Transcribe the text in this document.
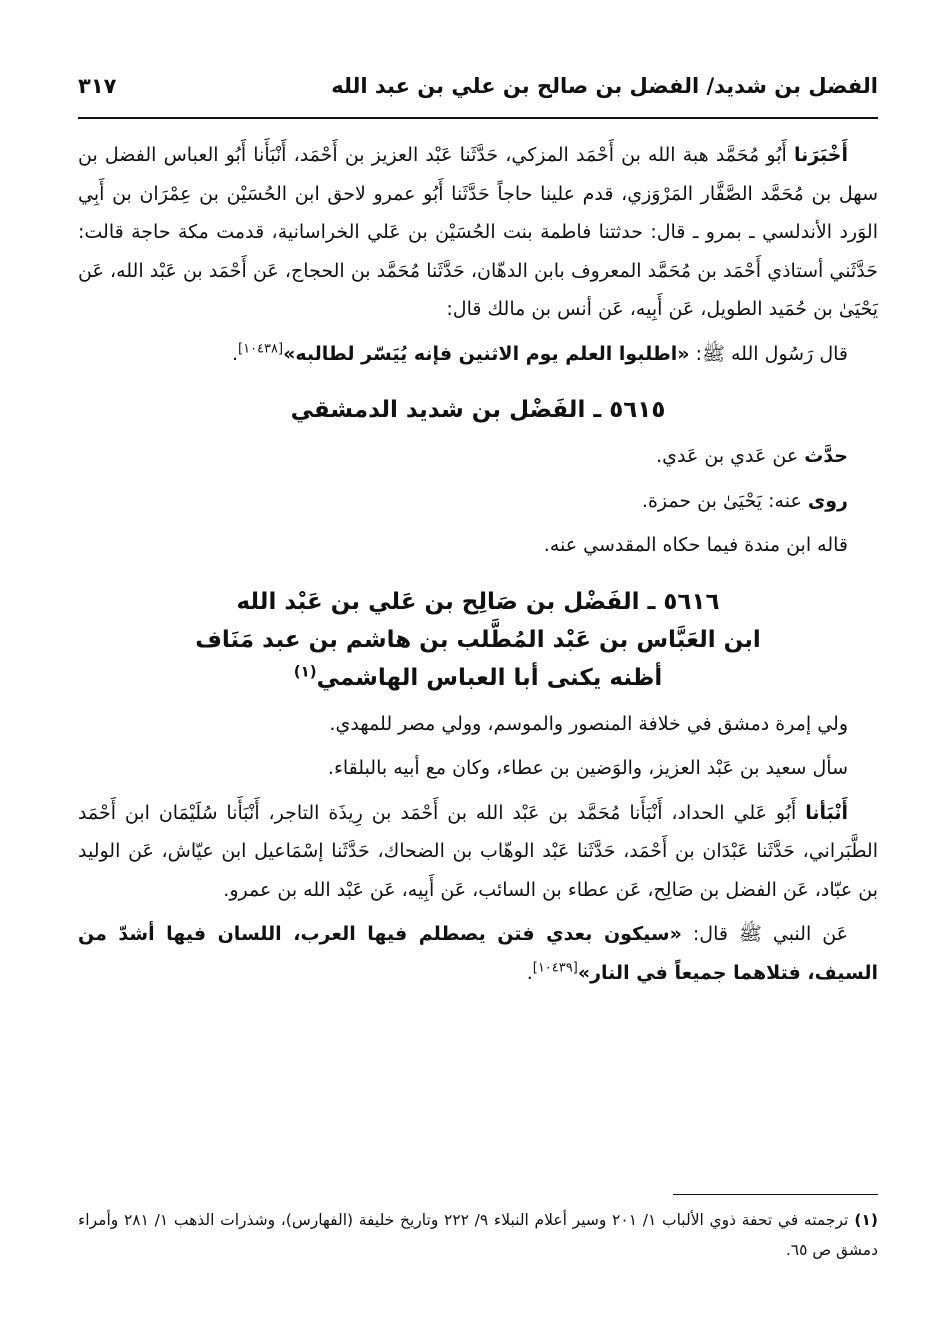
الفضل بن شديد/ الفضل بن صالح بن علي بن عبد الله
٣١٧

أَخْبَرَنا أَبُو مُحَمَّد هبة الله بن أَحْمَد المزكي، حَدَّثَنا عَبْد العزيز بن أَحْمَد، أَنْبَأَنا أَبُو العباس الفضل بن سهل بن مُحَمَّد الصَّفَّار المَرْوَزي، قدم علينا حاجاً حَدَّثَنا أَبُو عمرو لاحق ابن الحُسَيْن بن عِمْرَان بن أَبِي الوَرد الأندلسي ـ بمرو ـ قال: حدثتنا فاطمة بنت الحُسَيْن بن عَلي الخراسانية، قدمت مكة حاجة قالت: حَدَّثَني أستاذي أَحْمَد بن مُحَمَّد المعروف بابن الدهّان، حَدَّثَنا مُحَمَّد بن الحجاج، عَن أَحْمَد بن عَبْد الله، عَن يَحْيَىٰ بن حُمَيد الطويل، عَن أَبِيه، عَن أنس بن مالك قال:

قال رَسُول الله ﷺ: «اطلبوا العلم يوم الاثنين فإنه يُيَسّر لطالبه»[١٠٤٣٨].

٥٦١٥ ـ الفَضْل بن شديد الدمشقي

حدَّث عن عَدي بن عَدي.

روى عنه: يَحْيَىٰ بن حمزة.

قاله ابن مندة فيما حكاه المقدسي عنه.

٥٦١٦ ـ الفَضْل بن صَالِح بن عَلي بن عَبْد الله
ابن العَبَّاس بن عَبْد المُطَّلب بن هاشم بن عبد مَنَاف
أظنه يكنى أبا العباس الهاشمي$^{(١)}$

ولي إمرة دمشق في خلافة المنصور والموسم، وولي مصر للمهدي.

سأل سعيد بن عَبْد العزيز، والوَضين بن عطاء، وكان مع أبيه بالبلقاء.

أَنْبَأنا أَبُو عَلي الحداد، أَنْبَأَنا مُحَمَّد بن عَبْد الله بن أَحْمَد بن رِيذَة التاجر، أَنْبَأَنا سُلَيْمَان ابن أَحْمَد الطَّبَراني، حَدَّثَنا عَبْدَان بن أَحْمَد، حَدَّثَنا عَبْد الوهّاب بن الضحاك، حَدَّثَنا إسْمَاعيل ابن عيّاش، عَن الوليد بن عبّاد، عَن الفضل بن صَالِح، عَن عطاء بن السائب، عَن أَبِيه، عَن عَبْد الله بن عمرو.

عَن النبي ﷺ قال: «سيكون بعدي فتن يصطلم فيها العرب، اللسان فيها أشدّ من السيف، فتلاهما جميعاً في النار»[١٠٤٣٩].

(١)ترجمته في تحفة ذوي الألباب ١/ ٢٠١ وسير أعلام النبلاء ٩/ ٢٢٢ وتاريخ خليفة (الفهارس)، وشذرات الذهب ١/ ٢٨١ وأمراء دمشق ص ٦٥.
